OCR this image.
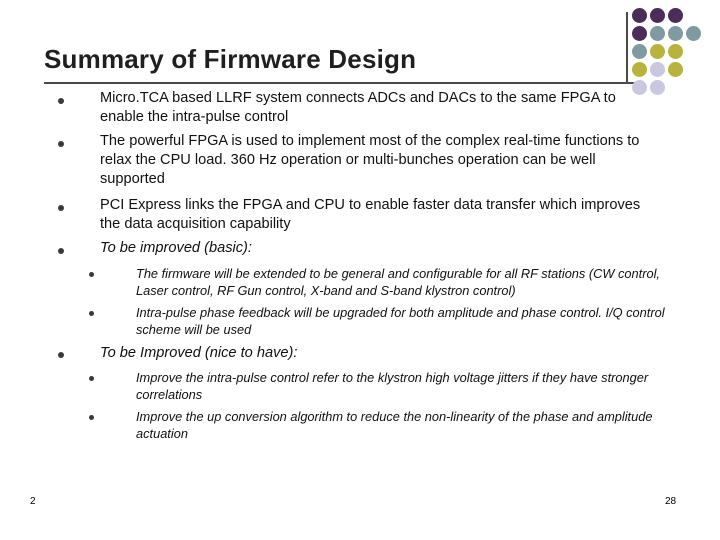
Summary of Firmware Design
Micro.TCA based LLRF system connects ADCs and DACs to the same FPGA to enable the intra-pulse control
The powerful FPGA is used to implement most of the complex real-time functions to relax the CPU load. 360 Hz operation or multi-bunches operation can be well supported
PCI Express links the FPGA and CPU to enable faster data transfer which improves the data acquisition capability
To be improved (basic):
The firmware will be extended to be general and configurable for all RF stations (CW control, Laser control, RF Gun control, X-band and S-band klystron control)
Intra-pulse phase feedback will be upgraded for both amplitude and phase control. I/Q control scheme will be used
To be Improved (nice to have):
Improve the intra-pulse control refer to the klystron high voltage jitters if they have stronger correlations
Improve the up conversion algorithm to reduce the non-linearity of the phase and amplitude actuation
2	28
